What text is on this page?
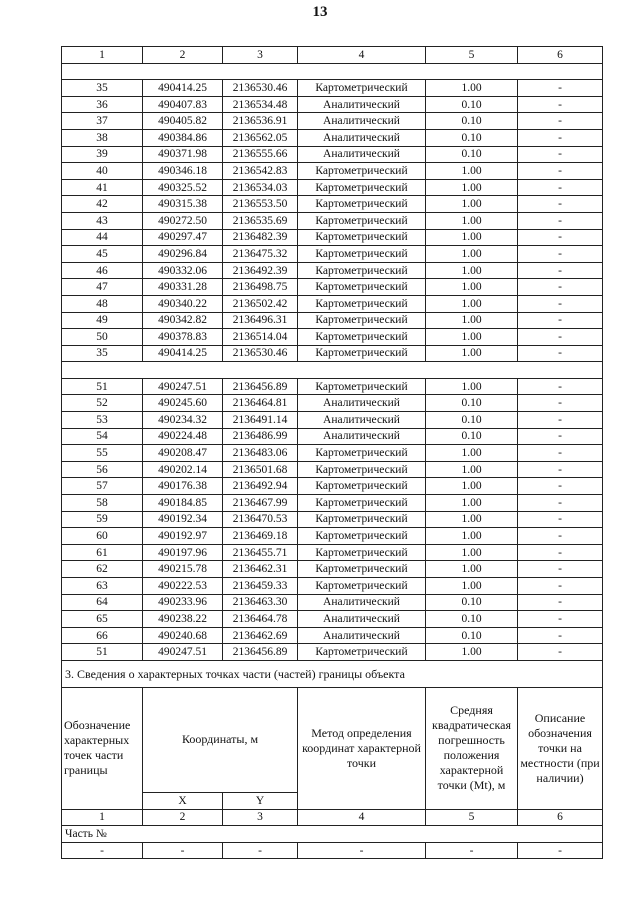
13
1	2	3	4	5	6

35	490414.25	2136530.46	Картометрический	1.00	-
36	490407.83	2136534.48	Аналитический	0.10	-
37	490405.82	2136536.91	Аналитический	0.10	-
38	490384.86	2136562.05	Аналитический	0.10	-
39	490371.98	2136555.66	Аналитический	0.10	-
40	490346.18	2136542.83	Картометрический	1.00	-
41	490325.52	2136534.03	Картометрический	1.00	-
42	490315.38	2136553.50	Картометрический	1.00	-
43	490272.50	2136535.69	Картометрический	1.00	-
44	490297.47	2136482.39	Картометрический	1.00	-
45	490296.84	2136475.32	Картометрический	1.00	-
46	490332.06	2136492.39	Картометрический	1.00	-
47	490331.28	2136498.75	Картометрический	1.00	-
48	490340.22	2136502.42	Картометрический	1.00	-
49	490342.82	2136496.31	Картометрический	1.00	-
50	490378.83	2136514.04	Картометрический	1.00	-
35	490414.25	2136530.46	Картометрический	1.00	-

51	490247.51	2136456.89	Картометрический	1.00	-
52	490245.60	2136464.81	Аналитический	0.10	-
53	490234.32	2136491.14	Аналитический	0.10	-
54	490224.48	2136486.99	Аналитический	0.10	-
55	490208.47	2136483.06	Картометрический	1.00	-
56	490202.14	2136501.68	Картометрический	1.00	-
57	490176.38	2136492.94	Картометрический	1.00	-
58	490184.85	2136467.99	Картометрический	1.00	-
59	490192.34	2136470.53	Картометрический	1.00	-
60	490192.97	2136469.18	Картометрический	1.00	-
61	490197.96	2136455.71	Картометрический	1.00	-
62	490215.78	2136462.31	Картометрический	1.00	-
63	490222.53	2136459.33	Картометрический	1.00	-
64	490233.96	2136463.30	Аналитический	0.10	-
65	490238.22	2136464.78	Аналитический	0.10	-
66	490240.68	2136462.69	Аналитический	0.10	-
51	490247.51	2136456.89	Картометрический	1.00	-
3. Сведения о характерных точках части (частей) границы объекта					
Обозначение характерных точек части границы	Координаты, м		Метод определения координат характерной точки	Средняя квадратическая погрешность положения характерной точки (Mt), м	Описание обозначения точки на местности (при наличии)
	X	Y			
1	2	3	4	5	6
Часть №					
-	-	-	-	-	-
